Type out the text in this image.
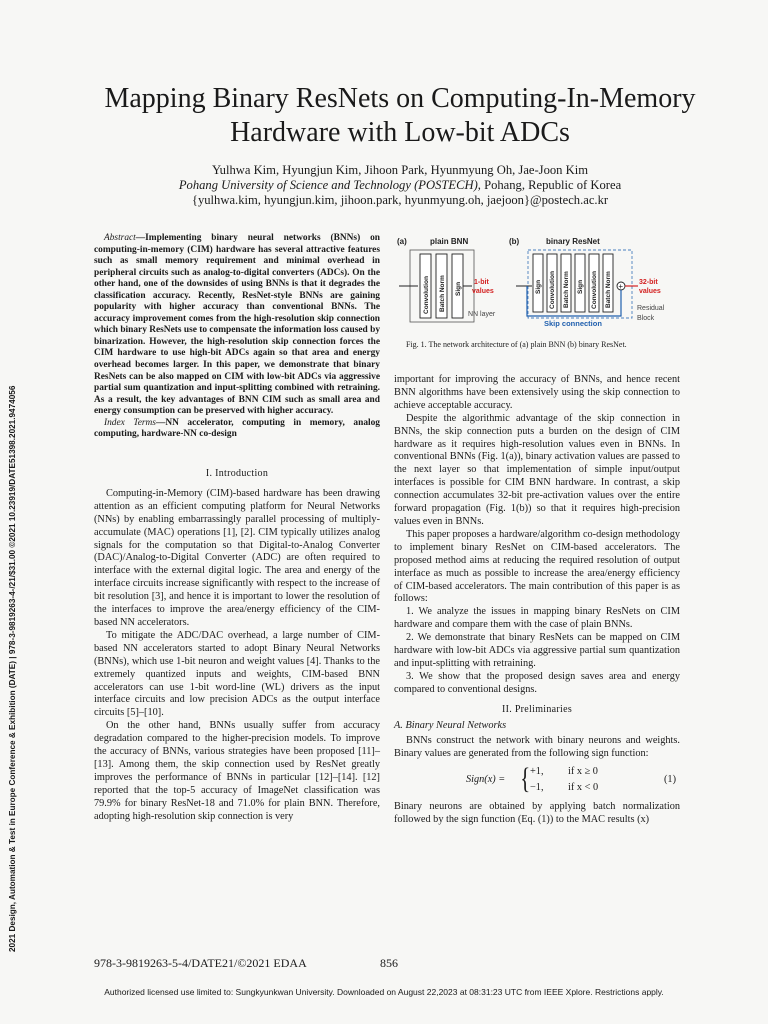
2021 Design, Automation & Test in Europe Conference & Exhibition (DATE) | 978-3-9819263-4-/21/$31.00 ©2021 10.23919/DATE51398.2021.9474056
Mapping Binary ResNets on Computing-In-Memory
Hardware with Low-bit ADCs
Yulhwa Kim, Hyungjun Kim, Jihoon Park, Hyunmyung Oh, Jae-Joon Kim
Pohang University of Science and Technology (POSTECH), Pohang, Republic of Korea
{yulhwa.kim, hyungjun.kim, jihoon.park, hyunmyung.oh, jaejoon}@postech.ac.kr

Abstract—Implementing binary neural networks (BNNs) on computing-in-memory (CIM) hardware has several attractive features such as small memory requirement and minimal overhead in peripheral circuits such as analog-to-digital converters (ADCs). On the other hand, one of the downsides of using BNNs is that it degrades the classification accuracy. Recently, ResNet-style BNNs are gaining popularity with higher accuracy than conventional BNNs. The accuracy improvement comes from the high-resolution skip connection which binary ResNets use to compensate the information loss caused by binarization. However, the high-resolution skip connection forces the CIM hardware to use high-bit ADCs again so that area and energy overhead becomes larger. In this paper, we demonstrate that binary ResNets can be also mapped on CIM with low-bit ADCs via aggressive partial sum quantization and input-splitting combined with retraining. As a result, the key advantages of BNN CIM such as small area and energy consumption can be preserved with higher accuracy.

Index Terms—NN accelerator, computing in memory, analog computing, hardware-NN co-design

I. Introduction

Computing-in-Memory (CIM)-based hardware has been drawing attention as an efficient computing platform for Neural Networks (NNs) by enabling embarrassingly parallel processing of multiply-accumulate (MAC) operations [1], [2]. CIM typically utilizes analog signals for the computation so that Digital-to-Analog Converter (DAC)/Analog-to-Digital Converter (ADC) are often required to interface with the external digital logic. The area and energy of the interface circuits increase significantly with respect to the increase of bit resolution [3], and hence it is important to lower the resolution of the interfaces to improve the area/energy efficiency of the CIM-based NN accelerators.

To mitigate the ADC/DAC overhead, a large number of CIM-based NN accelerators started to adopt Binary Neural Networks (BNNs), which use 1-bit neuron and weight values [4]. Thanks to the extremely quantized inputs and weights, CIM-based BNN accelerators can use 1-bit word-line (WL) drivers as the input interface circuits and low precision ADCs as the output interface circuits [5]–[10].

On the other hand, BNNs usually suffer from accuracy degradation compared to the higher-precision models. To improve the accuracy of BNNs, various strategies have been proposed [11]–[13]. Among them, the skip connection used by ResNet greatly improves the performance of BNNs in particular [12]–[14]. [12] reported that the top-5 accuracy of ImageNet classification was 79.9% for binary ResNet-18 and 71.0% for plain BNN. Therefore, adopting high-resolution skip connection is very

(a)	plain BNN	(b)	binary ResNet
Convolution Batch Norm Sign 1-bit
values
NN layer
Sign Convolution Batch Norm Sign Convolution Batch Norm +
Skip connection
32-bit
values
Residual
Block
Fig. 1. The network architecture of (a) plain BNN (b) binary ResNet.

important for improving the accuracy of BNNs, and hence recent BNN algorithms have been extensively using the skip connection to achieve acceptable accuracy.

Despite the algorithmic advantage of the skip connection in BNNs, the skip connection puts a burden on the design of CIM hardware as it requires high-resolution values even in BNNs. In conventional BNNs (Fig. 1(a)), binary activation values are passed to the next layer so that implementation of simple input/output interfaces is possible for CIM BNN hardware. In contrast, a skip connection accumulates 32-bit pre-activation values over the entire forward propagation (Fig. 1(b)) so that it requires high-precision values even in BNNs.

This paper proposes a hardware/algorithm co-design methodology to implement binary ResNet on CIM-based accelerators. The proposed method aims at reducing the required resolution of output interface as much as possible to increase the area/energy efficiency of CIM-based accelerators. The main contribution of this paper is as follows:

1. We analyze the issues in mapping binary ResNets on CIM hardware and compare them with the case of plain BNNs.

2. We demonstrate that binary ResNets can be mapped on CIM hardware with low-bit ADCs via aggressive partial sum quantization and input-splitting with retraining.

3. We show that the proposed design saves area and energy compared to conventional designs.

II. Preliminaries
A. Binary Neural Networks

BNNs construct the network with binary neurons and weights. Binary values are generated from the following sign function:

Sign(x) = { +1, if x ≥ 0
−1, if x < 0
(1)

Binary neurons are obtained by applying batch normalization followed by the sign function (Eq. (1)) to the MAC results (x)

978-3-9819263-5-4/DATE21/©2021 EDAA	856
Authorized licensed use limited to: Sungkyunkwan University. Downloaded on August 22,2023 at 08:31:23 UTC from IEEE Xplore. Restrictions apply.
